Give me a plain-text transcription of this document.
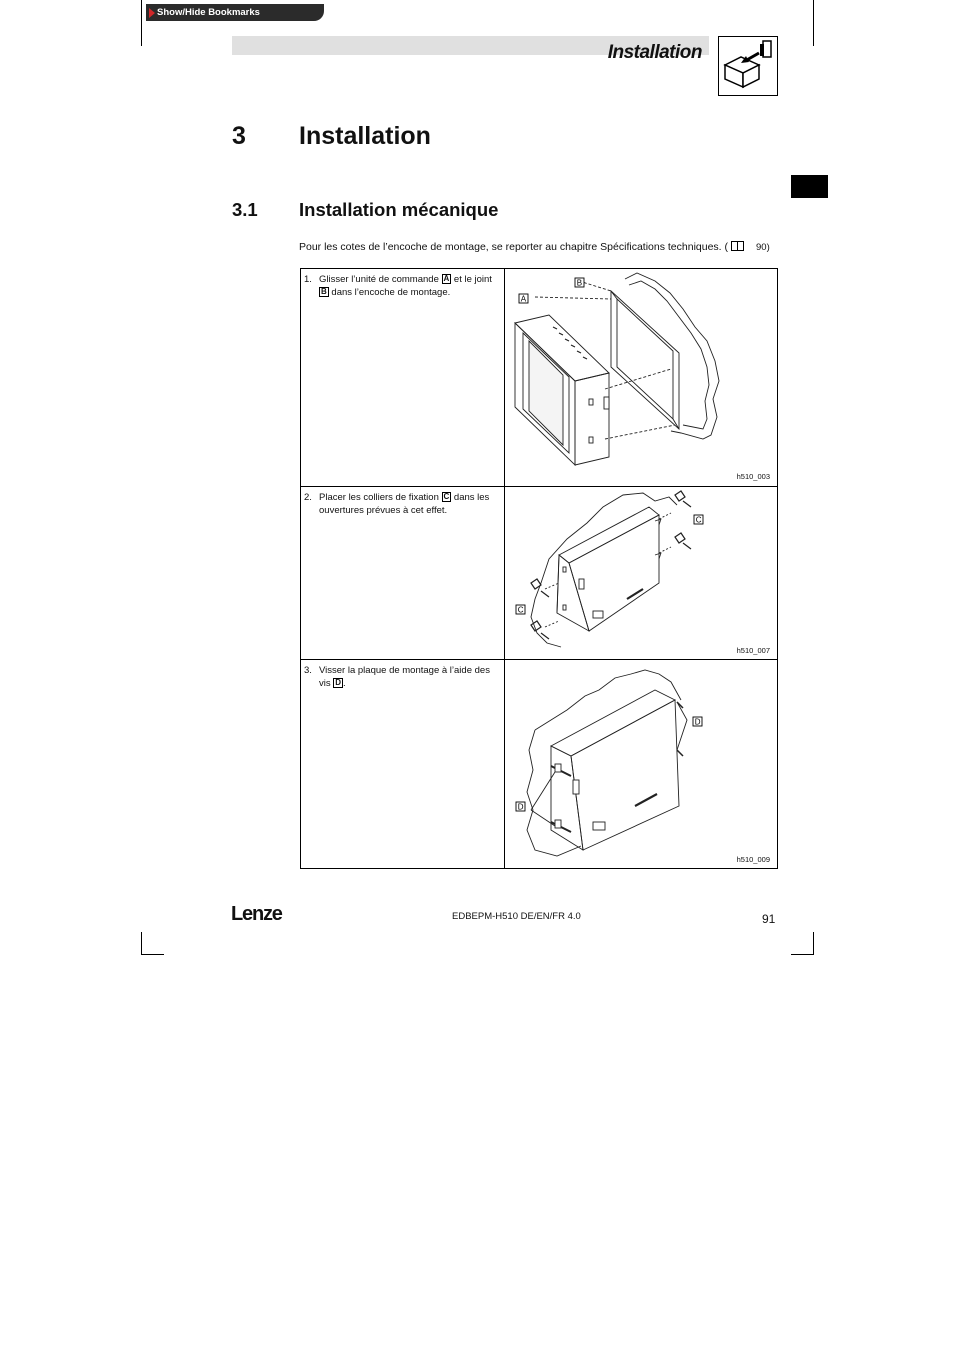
Show/Hide Bookmarks
Installation
3 Installation
3.1 Installation mécanique
Pour les cotes de l’encoche de montage, se reporter au chapitre Spécifications techniques. (	90)
1. Glisser l’unité de commande A et le joint B dans l’encoche de montage.
B
A
h510_003
2. Placer les colliers de fixation C dans les ouvertures prévues à cet effet.
C
C
h510_007
3. Visser la plaque de montage à l’aide des vis D .
D
D
h510_009
Lenze	EDBEPM-H510 DE/EN/FR 4.0	91
